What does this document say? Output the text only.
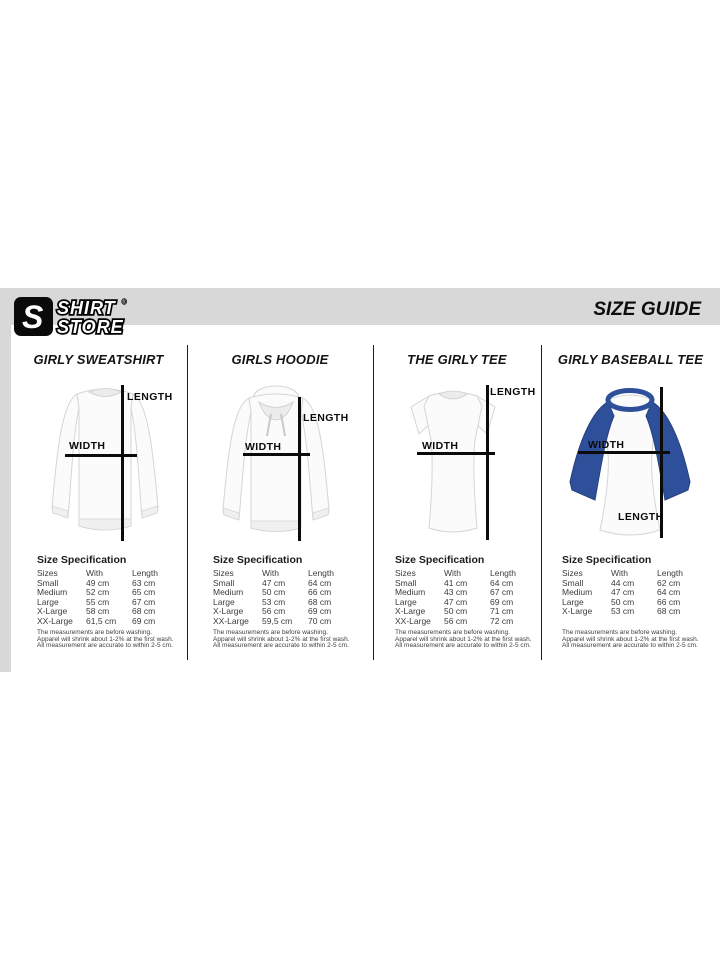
S SHIRT ®
STORE
SIZE GUIDE
GIRLY SWEATSHIRT
LENGTH
WIDTH
Size Specification
Sizes	With	Length
Small	49 cm	63 cm
Medium	52 cm	65 cm
Large	55 cm	67 cm
X-Large	58 cm	68 cm
XX-Large	61,5 cm	69 cm
The measurements are before washing.
Apparel will shrink about 1-2% at the first wash.
All measurement are accurate to within 2-5 cm.
GIRLS HOODIE
LENGTH
WIDTH
Size Specification
Sizes	With	Length
Small	47 cm	64 cm
Medium	50 cm	66 cm
Large	53 cm	68 cm
X-Large	56 cm	69 cm
XX-Large	59,5 cm	70 cm
The measurements are before washing.
Apparel will shrink about 1-2% at the first wash.
All measurement are accurate to within 2-5 cm.
THE GIRLY TEE
LENGTH
WIDTH
Size Specification
Sizes	With	Length
Small	41 cm	64 cm
Medium	43 cm	67 cm
Large	47 cm	69 cm
X-Large	50 cm	71 cm
XX-Large	56 cm	72 cm
The measurements are before washing.
Apparel will shrink about 1-2% at the first wash.
All measurement are accurate to within 2-5 cm.
GIRLY BASEBALL TEE
WIDTH
LENGTH
Size Specification
Sizes	With	Length
Small	44 cm	62 cm
Medium	47 cm	64 cm
Large	50 cm	66 cm
X-Large	53 cm	68 cm
The measurements are before washing.
Apparel will shrink about 1-2% at the first wash.
All measurement are accurate to within 2-5 cm.
